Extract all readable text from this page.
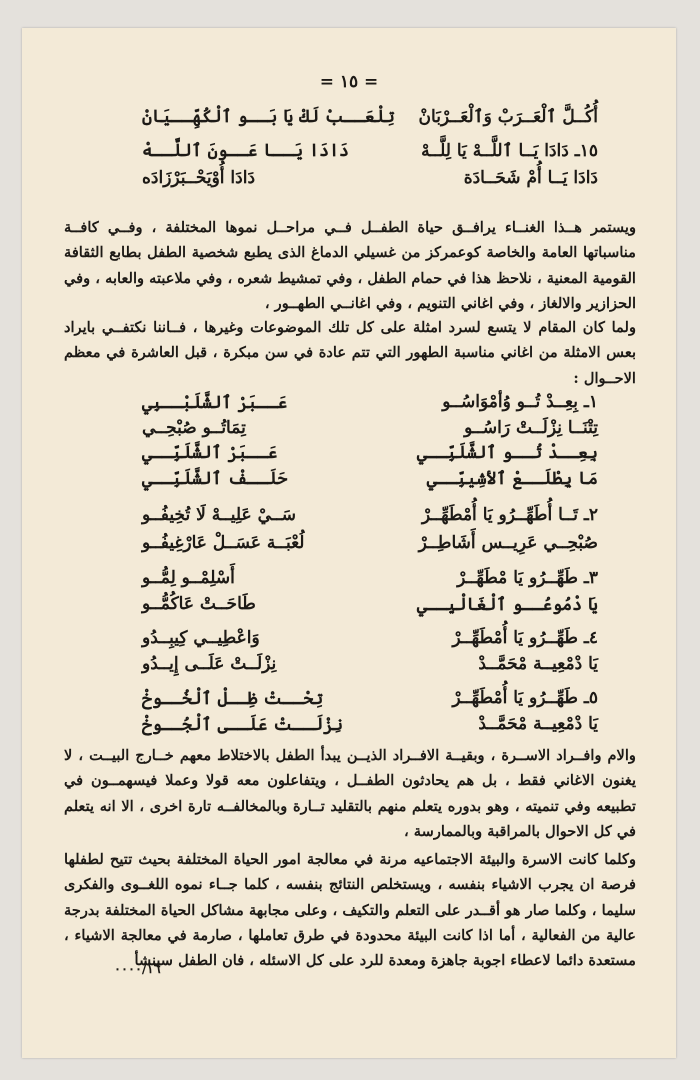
= ١٥ =
أُكُــلَّ ٱلْعَــرَبْ وَٱلْعَــرْبَانْ
تِلْعَــبْ لَكْ يَا بَــو ٱلْكُهِّــيَانْ
١٥ـ دَادَا يَــا ٱللَّــهْ يَا لِلَّــهْ
دَادَا يَــا عَــونَ ٱللَّــهْ
دَادَا يَــا أُمْ شَحَــادَة
دَادَا أُوْيَحْــبَرْزَادَه
ويستمر هــذا الغنــاء يرافــق حياة الطفــل فــي مراحــل نموها المختلفة ، وفــي كافــة مناسباتها العامة والخاصة كوعمركز من غسيلي الدماغ الذى يطبع شخصية الطفل بطابع الثقافة القومية المعنية ، نلاحظ هذا في حمام الطفل ، وفي تمشيط شعره ، وفي ملاعبته والعابه ، وفي الحزازير والالغاز ، وفي اغاني التنويم ، وفي اغانــي الطهــور ،
ولما كان المقام لا يتسع لسرد امثلة على كل تلك الموضوعات وغيرها ، فــاننا نكتفــي بايراد بعس الامثلة من اغاني مناسبة الطهور التي تتم عادة في سن مبكرة ، قبل العاشرة في معظم الاحــوال :
١ـ بِعِــدْ تُــو وُأمْوَاسُــو
عَــبَرْ ٱلشَّلَبْــبِي
تِتْنَــا نِزْلَــتْ رَاسُــو
تِمَاتُــو صُبْحِــي
بِعِــدْ تُــو ٱلشَّلَبِّــي
عَــبَرْ ٱلشَّلَبِّــي
مَا يِطْلَــعْ ٱلأشِيبِّــي
حَلَــفْ ٱلشَّلَبِّــي
٢ـ تَــا أُطَهِّــرُو يَا أُمْطَهِّــرْ
سَــيْ عَلِيــهْ لَا تُخِيفُــو
صُبْحِــي عَرِيــس أَشَاطِــرْ
لُعْبَــة عَسَــلْ عَارْغِيفُــو
٣ـ طَهِّــرُو يَا مْطَهِّــرْ
أَسْلِمْــو لِمُّــو
يَا دْمُوعُــو ٱلْغَالْيِــي
طَاحَــتْ عَاكُمُّــو
٤ـ طَهِّــرُو يَا أُمْطَهِّــرْ
وَاعْطِيــي كِيبِــدُو
يَا دْمْعِيــة مْحَمَّــدْ
نِزْلَــتْ عَلَــى إِيــدُو
٥ـ طَهِّــرُو يَا أُمْطَهِّــرْ
تِحْــتْ ظِــلْ ٱلْخُــوخْ
يَا دْمْعِيــة مْحَمَّــدْ
نِزْلَــتْ عَلَــى ٱلْجُــوخْ
والام وافــراد الاســرة ، وبقيــة الافــراد الذيــن يبدأ الطفل بالاختلاط معهم خــارج البيــت ، لا يغنون الاغاني فقط ، بل هم يحادثون الطفــل ، ويتفاعلون معه قولا وعملا فيسهمــون في تطبيعه وفي تنميته ، وهو بدوره يتعلم منهم بالتقليد تــارة وبالمخالفــه تارة اخرى ، الا انه يتعلم في كل الاحوال بالمراقبة وبالممارسة ،
وكلما كانت الاسرة والبيئة الاجتماعيه مرنة في معالجة امور الحياة المختلفة بحيث تتيح لطفلها فرصة ان يجرب الاشياء بنفسه ، ويستخلص النتائج بنفسه ، كلما جــاء نموه اللغــوى والفكرى سليما ، وكلما صار هو أقــدر على التعلم والتكيف ، وعلى مجابهة مشاكل الحياة المختلفة بدرجة عالية من الفعالية ، أما اذا كانت البيئة محدودة في طرق تعاملها ، صارمة في معالجة الاشياء ، مستعدة دائما لاعطاء اجوبة جاهزة ومعدة للرد على كل الاسئله ، فان الطفل سينشأ
٠٠٠٠/١٦
